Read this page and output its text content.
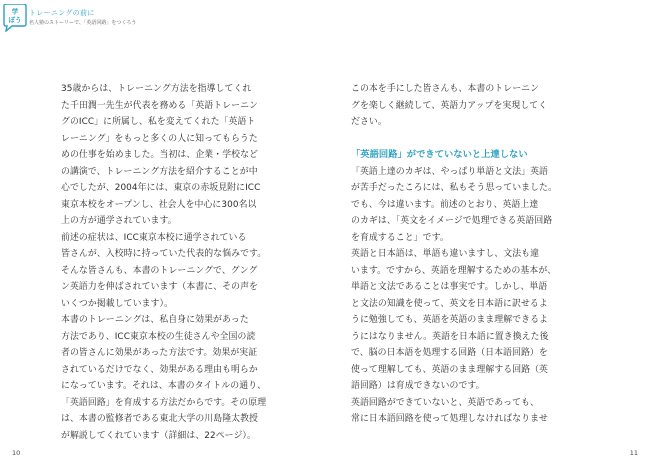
学
ぼう
トレーニングの前に
名人塾のストーリーで、「英語回路」をつくろう

35歳からは、トレーニング方法を指導してくれ

た千田潤一先生が代表を務める「英語トレーニン

グのICC」に所属し、私を変えてくれた「英語ト

レーニング」をもっと多くの人に知ってもらうた

めの仕事を始めました。当初は、企業・学校など

の講演で、トレーニング方法を紹介することが中

心でしたが、2004年には、東京の赤坂見附にICC

東京本校をオープンし、社会人を中心に300名以

上の方が通学されています。

前述の症状は、ICC東京本校に通学されている

皆さんが、入校時に持っていた代表的な悩みです。

そんな皆さんも、本書のトレーニングで、グング

ン英語力を伸ばされています（本書に、その声を

いくつか掲載しています）。

本書のトレーニングは、私自身に効果があった

方法であり、ICC東京本校の生徒さんや全国の読

者の皆さんに効果があった方法です。効果が実証

されているだけでなく、効果がある理由も明らか

になっています。それは、本書のタイトルの通り、

「英語回路」を育成する方法だからです。その原理

は、本書の監修者である東北大学の川島隆太教授

が解説してくれています（詳細は、22ページ）。

10

この本を手にした皆さんも、本書のトレーニン

グを楽しく継続して、英語力アップを実現してく

ださい。

「英語回路」ができていないと上達しない

「英語上達のカギは、やっぱり単語と文法」英語

が苦手だったころには、私もそう思っていました。

でも、今は違います。前述のとおり、英語上達

のカギは、「英文をイメージで処理できる英語回路

を育成すること」です。

英語と日本語は、単語も違いますし、文法も違

います。ですから、英語を理解するための基本が、

単語と文法であることは事実です。しかし、単語

と文法の知識を使って、英文を日本語に訳せるよ

うに勉強しても、英語を英語のまま理解できるよ

うにはなりません。英語を日本語に置き換えた後

で、脳の日本語を処理する回路（日本語回路）を

使って理解しても、英語のまま理解する回路（英

語回路）は育成できないのです。

英語回路ができていないと、英語であっても、

常に日本語回路を使って処理しなければなりませ

11
